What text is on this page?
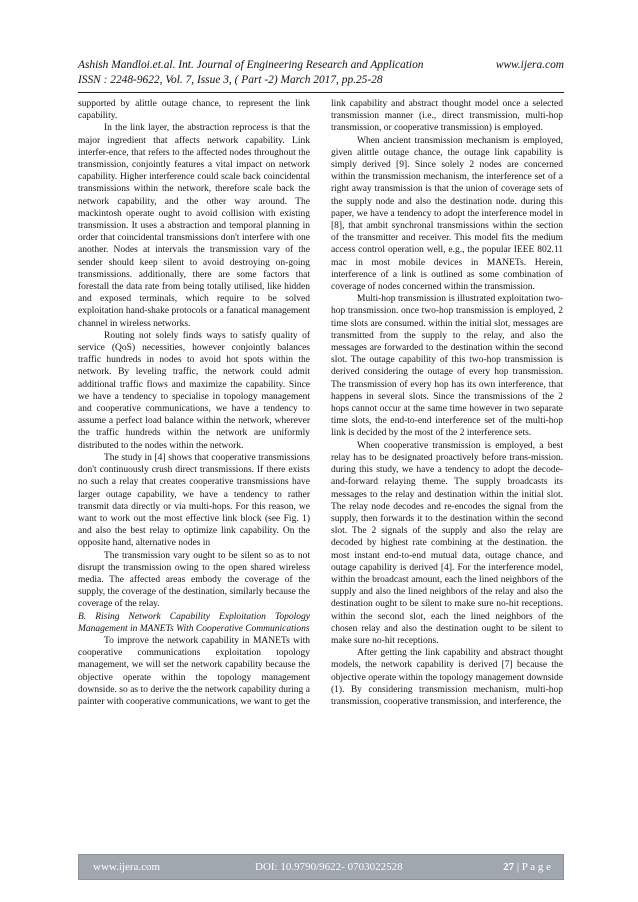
Ashish Mandloi.et.al. Int. Journal of Engineering Research and Application	www.ijera.com
ISSN : 2248-9622, Vol. 7, Issue 3, ( Part -2) March 2017, pp.25-28

supported by alittle outage chance, to represent the link capability.

In the link layer, the abstraction reprocess is that the major ingredient that affects network capability. Link interfer-ence, that refers to the affected nodes throughout the transmission, conjointly features a vital impact on network capability. Higher interference could scale back coincidental transmissions within the network, therefore scale back the network capability, and the other way around. The mackintosh operate ought to avoid collision with existing transmission. It uses a abstraction and temporal planning in order that coincidental transmissions don't interfere with one another. Nodes at intervals the transmission vary of the sender should keep silent to avoid destroying on-going transmissions. additionally, there are some factors that forestall the data rate from being totally utilised, like hidden and exposed terminals, which require to be solved exploitation hand-shake protocols or a fanatical management channel in wireless networks.

Routing not solely finds ways to satisfy quality of service (QoS) necessities, however conjointly balances traffic hundreds in nodes to avoid hot spots within the network. By leveling traffic, the network could admit additional traffic flows and maximize the capability. Since we have a tendency to specialise in topology management and cooperative communications, we have a tendency to assume a perfect load balance within the network, wherever the traffic hundreds within the network are uniformly distributed to the nodes within the network.

The study in [4] shows that cooperative transmissions don't continuously crush direct transmissions. If there exists no such a relay that creates cooperative transmissions have larger outage capability, we have a tendency to rather transmit data directly or via multi-hops. For this reason, we want to work out the most effective link block (see Fig. 1) and also the best relay to optimize link capability. On the opposite hand, alternative nodes in

The transmission vary ought to be silent so as to not disrupt the transmission owing to the open shared wireless media. The affected areas embody the coverage of the supply, the coverage of the destination, similarly because the coverage of the relay.

B. Rising Network Capability Exploitation Topology Management in MANETs With Cooperative Communications

To improve the network capability in MANETs with cooperative communications exploitation topology management, we will set the network capability because the objective operate within the topology management downside. so as to derive the the network capability during a painter with cooperative communications, we want to get the

link capability and abstract thought model once a selected transmission manner (i.e., direct transmission, multi-hop transmission, or cooperative transmission) is employed.

When ancient transmission mechanism is employed, given alittle outage chance, the outage link capability is simply derived [9]. Since solely 2 nodes are concerned within the transmission mechanism, the interference set of a right away transmission is that the union of coverage sets of the supply node and also the destination node. during this paper, we have a tendency to adopt the interference model in [8], that ambit synchronal transmissions within the section of the transmitter and receiver. This model fits the medium access control operation well, e.g., the popular IEEE 802.11 mac in most mobile devices in MANETs. Herein, interference of a link is outlined as some combination of coverage of nodes concerned within the transmission.

Multi-hop transmission is illustrated exploitation two-hop transmission. once two-hop transmission is employed, 2 time slots are consumed. within the initial slot, messages are transmitted from the supply to the relay, and also the messages are forwarded to the destination within the second slot. The outage capability of this two-hop transmission is derived considering the outage of every hop transmission. The transmission of every hop has its own interference, that happens in several slots. Since the transmissions of the 2 hops cannot occur at the same time however in two separate time slots, the end-to-end interference set of the multi-hop link is decided by the most of the 2 interference sets.

When cooperative transmission is employed, a best relay has to be designated proactively before trans-mission. during this study, we have a tendency to adopt the decode-and-forward relaying theme. The supply broadcasts its messages to the relay and destination within the initial slot. The relay node decodes and re-encodes the signal from the supply, then forwards it to the destination within the second slot. The 2 signals of the supply and also the relay are decoded by highest rate combining at the destination. the most instant end-to-end mutual data, outage chance, and outage capability is derived [4]. For the interference model, within the broadcast amount, each the lined neighbors of the supply and also the lined neighbors of the relay and also the destination ought to be silent to make sure no-hit receptions. within the second slot, each the lined neighbors of the chosen relay and also the destination ought to be silent to make sure no-hit receptions.

After getting the link capability and abstract thought models, the network capability is derived [7] because the objective operate within the topology management downside (1). By considering transmission mechanism, multi-hop transmission, cooperative transmission, and interference, the

www.ijera.com	DOI: 10.9790/9622- 0703022528	27 | P a g e
